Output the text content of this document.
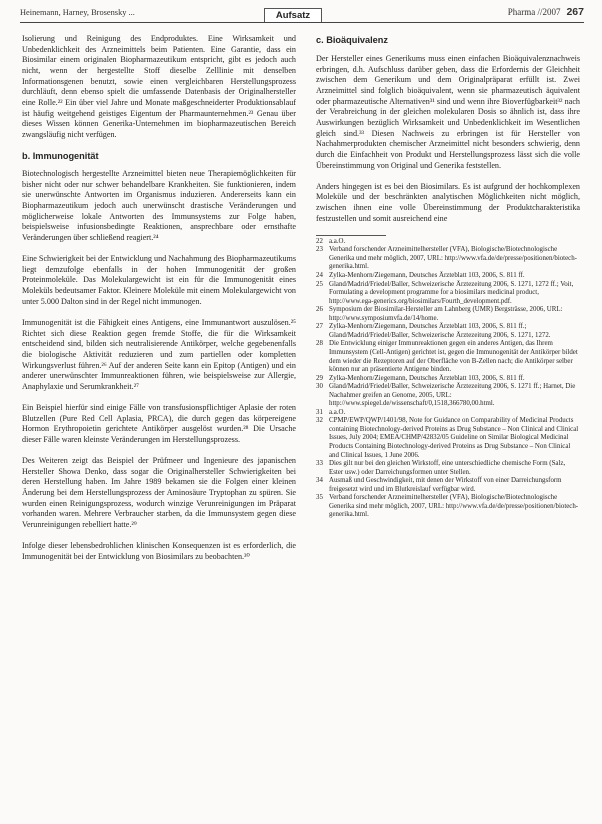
Heinemann, Harney, Brosensky ...	Pharma //2007 267
Aufsatz

Isolierung und Reinigung des Endproduktes. Eine Wirksamkeit und Unbedenklichkeit des Arzneimittels beim Patienten. Eine Garantie, dass ein Biosimilar einem originalen Biopharmazeutikum entspricht, gibt es jedoch auch nicht, wenn der hergestellte Stoff dieselbe Zelllinie mit denselben Informationsgenen benutzt, sowie einen vergleichbaren Herstellungsprozess durchläuft, denn ebenso spielt die umfassende Datenbasis der Originalhersteller eine Rolle.²² Ein über viel Jahre und Monate maßgeschneiderter Produktionsablauf ist häufig weitgehend geistiges Eigentum der Pharmaunternehmen.²³ Genau über dieses Wissen können Generika-Unternehmen im biopharmazeutischen Bereich zwangsläufig nicht verfügen.

b. Immunogenität

Biotechnologisch hergestellte Arzneimittel bieten neue Therapiemöglichkeiten für bisher nicht oder nur schwer behandelbare Krankheiten. Sie funktionieren, indem sie unerwünschte Antworten im Organismus induzieren. Andererseits kann ein Biopharmazeutikum jedoch auch unerwünscht drastische Veränderungen und möglicherweise lokale Antworten des Immunsystems zur Folge haben, beispielsweise infusionsbedingte Reaktionen, ansprechbare oder ernsthafte Veränderungen über schließend reagiert.²⁴

Eine Schwierigkeit bei der Entwicklung und Nachahmung des Biopharmazeutikums liegt demzufolge ebenfalls in der hohen Immunogenität der großen Proteinmoleküle. Das Molekulargewicht ist ein für die Immunogenität eines Moleküls bedeutsamer Faktor. Kleinere Moleküle mit einem Molekulargewicht von unter 5.000 Dalton sind in der Regel nicht immunogen.

Immunogenität ist die Fähigkeit eines Antigens, eine Immunantwort auszulösen.²⁵ Richtet sich diese Reaktion gegen fremde Stoffe, die für die Wirksamkeit entscheidend sind, bilden sich neutralisierende Antikörper, welche gegebenenfalls die biologische Aktivität reduzieren und zum partiellen oder kompletten Wirkungsverlust führen.²⁶ Auf der anderen Seite kann ein Epitop (Antigen) und ein anderer unerwünschter Immunreaktionen führen, wie beispielsweise zur Allergie, Anaphylaxie und Serumkrankheit.²⁷

Ein Beispiel hierfür sind einige Fälle von transfusionspflichtiger Aplasie der roten Blutzellen (Pure Red Cell Aplasia, PRCA), die durch gegen das körpereigene Hormon Erythropoietin gerichtete Antikörper ausgelöst wurden.²⁸ Die Ursache dieser Fälle waren kleinste Veränderungen im Herstellungsprozess.

Des Weiteren zeigt das Beispiel der Prüfmeer und Ingenieure des japanischen Hersteller Showa Denko, dass sogar die Originalhersteller Schwierigkeiten bei deren Herstellung haben. Im Jahre 1989 bekamen sie die Folgen einer kleinen Änderung bei dem Herstellungsprozess der Aminosäure Tryptophan zu spüren. Sie wurden einen Reinigungsprozess, wodurch winzige Verunreinigungen im Präparat vorhanden waren. Mehrere Verbraucher starben, da die Immunsystem gegen diese Verunreinigungen rebelliert hatte.²⁹

Infolge dieser lebensbedrohlichen klinischen Konsequenzen ist es erforderlich, die Immunogenität bei der Entwicklung von Biosimilars zu beobachten.³⁰

c. Bioäquivalenz

Der Hersteller eines Generikums muss einen einfachen Bioäquivalenznachweis erbringen, d.h. Aufschluss darüber geben, dass die Erfordernis der Gleichheit zwischen dem Generikum und dem Originalpräparat erfüllt ist. Zwei Arzneimittel sind folglich bioäquivalent, wenn sie pharmazeutisch äquivalent oder pharmazeutische Alternativen³¹ sind und wenn ihre Bioverfügbarkeit³² nach der Verabreichung in der gleichen molekularen Dosis so ähnlich ist, dass ihre Auswirkungen bezüglich Wirksamkeit und Unbedenklichkeit im Wesentlichen gleich sind.³³ Diesen Nachweis zu erbringen ist für Hersteller von Nachahmerprodukten chemischer Arzneimittel nicht besonders schwierig, denn durch die Einfachheit von Produkt und Herstellungsprozess lässt sich die volle Übereinstimmung von Original und Generika feststellen.

Anders hingegen ist es bei den Biosimilars. Es ist aufgrund der hochkomplexen Moleküle und der beschränkten analytischen Möglichkeiten nicht möglich, zwischen ihnen eine volle Übereinstimmung der Produktcharakteristika festzustellen und somit ausreichend eine

22 a.a.O.
23 Verband forschender Arzneimittelhersteller (VFA), Biologische/Biotechnologische Generika und mehr möglich, 2007, URL: http://www.vfa.de/de/presse/positionen/biotech-generika.html.
24 Zylka-Menhorn/Ziegemann, Deutsches Ärzteblatt 103, 2006, S. 811 ff.
25 Gland/Madrid/Friedel/Baller, Schweizerische Ärztezeitung 2006, S. 1271, 1272 ff.; Voit, Formulating a development programme for a biosimilars medicinal product, http://www.ega-generics.org/biosimilars/Fourth_development.pdf.
26 Symposium der Biosimilar-Hersteller am Lahnberg (UMR) Bergsträsse, 2006, URL: http://www.symposiumvfa.de/14/home.
27 Zylka-Menhorn/Ziegemann, Deutsches Ärzteblatt 103, 2006, S. 811 ff.; Gland/Madrid/Friedel/Baller, Schweizerische Ärztezeitung 2006, S. 1271, 1272.
28 Die Entwicklung einiger Immunreaktionen gegen ein anderes Antigen, das Ihrem Immunsystem (Cell-Antigen) gerichtet ist, gegen die Immunogenität der Antikörper bildet dem wieder die Rezeptoren auf der Oberfläche von B-Zellen nach; die Antikörper selber können nur an präsentierte Antigene binden.
29 Zylka-Menhorn/Ziegemann, Deutsches Ärzteblatt 103, 2006, S. 811 ff.
30 Gland/Madrid/Friedel/Baller, Schweizerische Ärztezeitung 2006, S. 1271 ff.; Harnet, Die Nachahmer greifen an Genome, 2005, URL: http://www.spiegel.de/wissenschaft/0,1518,366780,00.html.
31 a.a.O.
32 CPMP/EWP/QWP/1401/98, Note for Guidance on Comparability of Medicinal Products containing Biotechnology-derived Proteins as Drug Substance – Non Clinical and Clinical Issues, July 2004; EMEA/CHMP/42832/05 Guideline on Similar Biological Medicinal Products Containing Biotechnology-derived Proteins as Drug Substance – Non Clinical and Clinical Issues, 1 June 2006.
33 Dies gilt nur bei den gleichen Wirkstoff, eine unterschiedliche chemische Form (Salz, Ester usw.) oder Darreichungsformen unter Stellen.
34 Ausmaß und Geschwindigkeit, mit denen der Wirkstoff von einer Darreichungsform freigesetzt wird und im Blutkreislauf verfügbar wird.
35 Verband forschender Arzneimittelhersteller (VFA), Biologische/Biotechnologische Generika sind mehr möglich, 2007, URL: http://www.vfa.de/de/presse/positionen/biotech-generika.html.
